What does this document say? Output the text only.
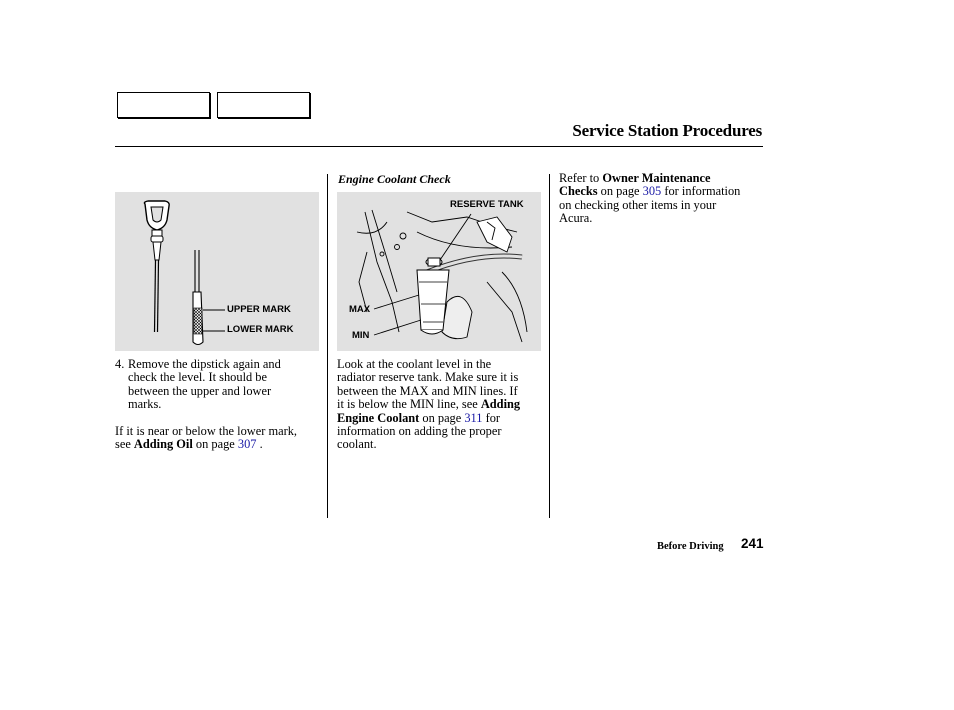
Service Station Procedures
UPPER MARK
LOWER MARK
4. Remove the dipstick again and
check the level. It should be
between the upper and lower
marks.
If it is near or below the lower mark,
see Adding Oil on page 307 .
Engine Coolant Check
RESERVE TANK
MAX
MIN
Look at the coolant level in the
radiator reserve tank. Make sure it is
between the MAX and MIN lines. If
it is below the MIN line, see Adding
Engine Coolant on page 311 for
information on adding the proper
coolant.
Refer to Owner Maintenance
Checks on page 305 for information
on checking other items in your
Acura.
Before Driving 241
